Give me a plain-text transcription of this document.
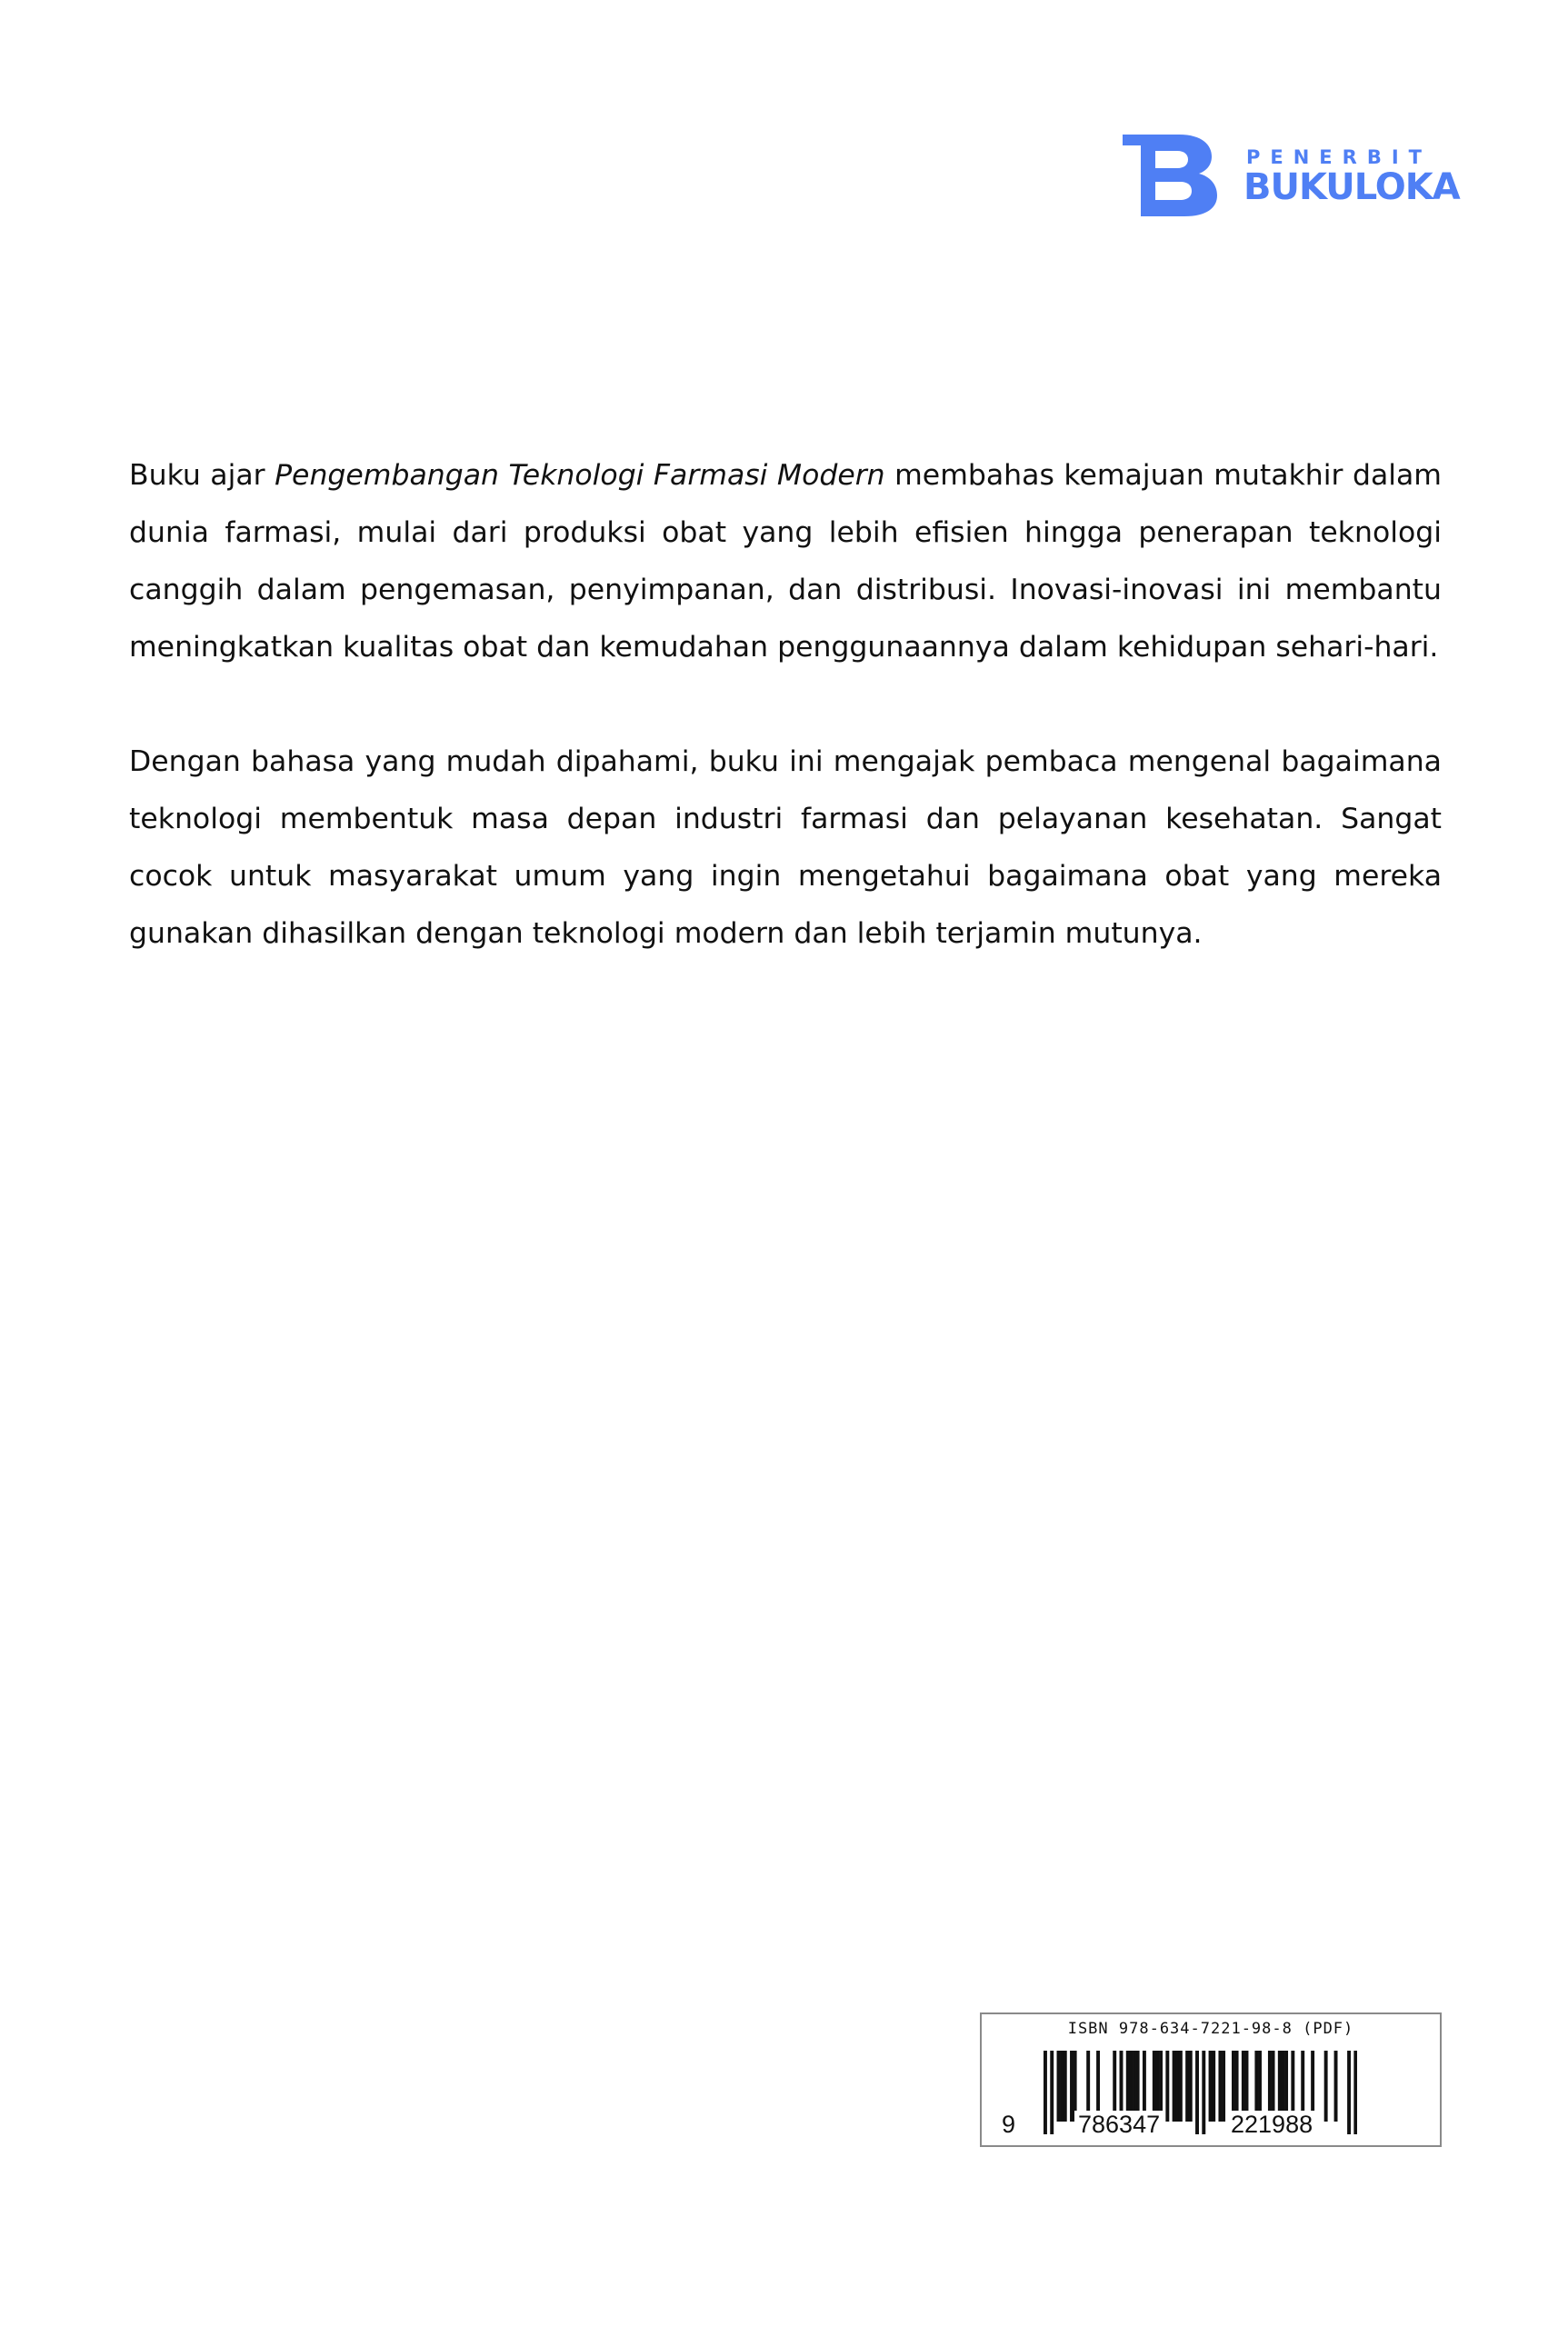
PENERBIT
BUKULOKA

Buku ajar Pengembangan Teknologi Farmasi Modern membahas kemajuan mutakhir dalam dunia farmasi, mulai dari produksi obat yang lebih efisien hingga penerapan teknologi canggih dalam pengemasan, penyimpanan, dan distribusi. Inovasi-inovasi ini membantu meningkatkan kualitas obat dan kemudahan penggunaannya dalam kehidupan sehari-hari.

Dengan bahasa yang mudah dipahami, buku ini mengajak pembaca mengenal bagaimana teknologi membentuk masa depan industri farmasi dan pelayanan kesehatan. Sangat cocok untuk masyarakat umum yang ingin mengetahui bagaimana obat yang mereka gunakan dihasilkan dengan teknologi modern dan lebih terjamin mutunya.

ISBN 978-634-7221-98-8 (PDF)
9	786347	221988
